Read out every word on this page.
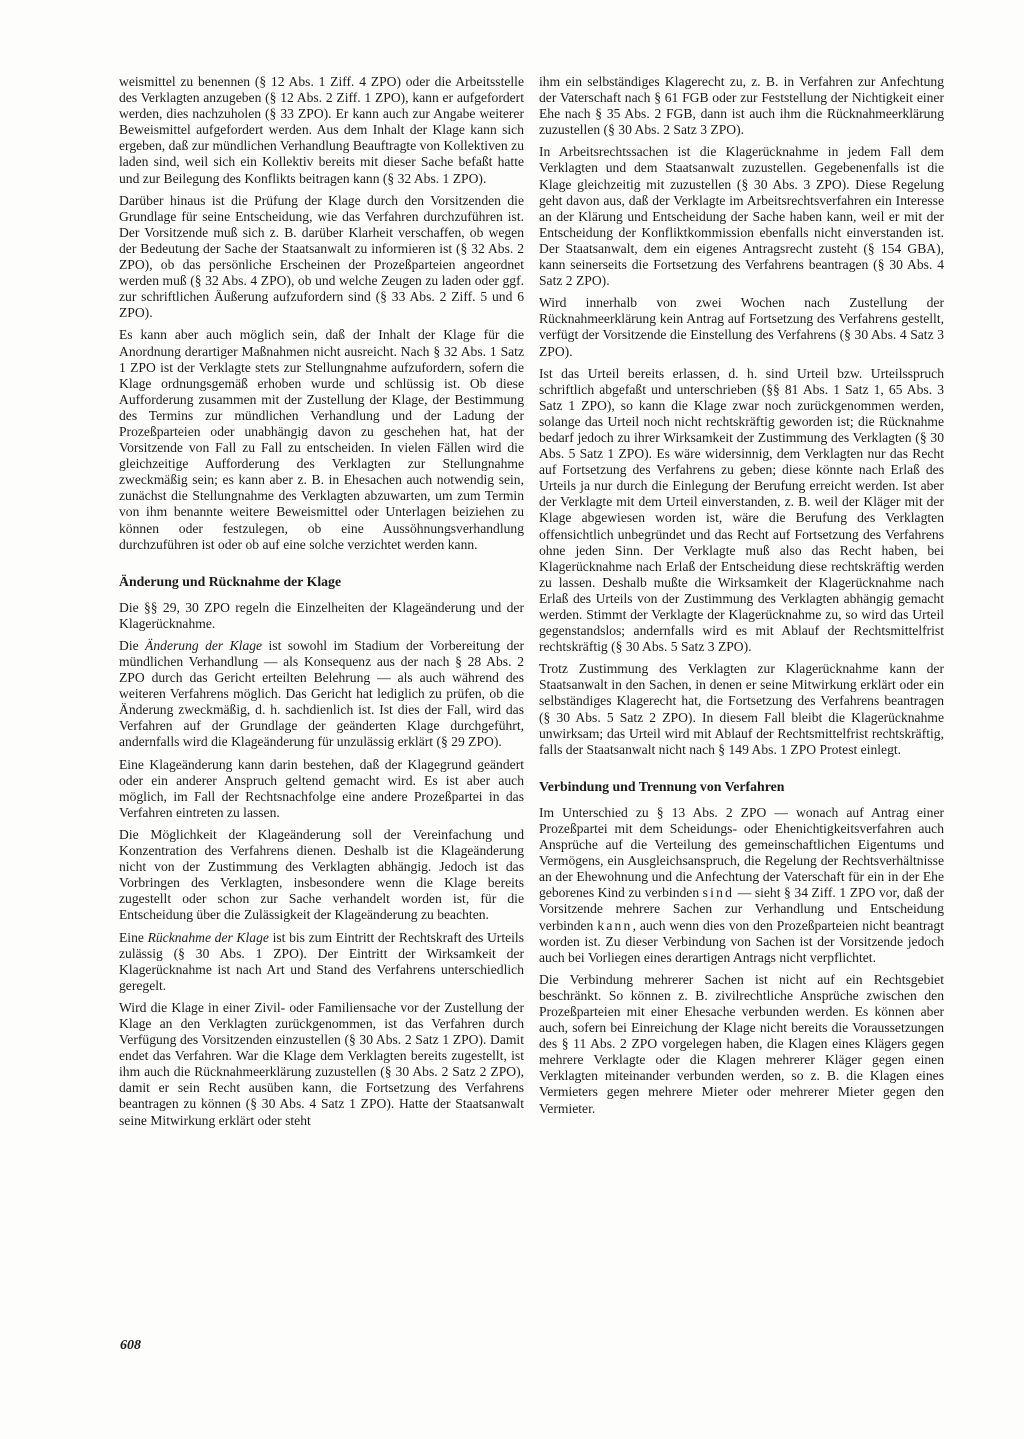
weismittel zu benennen (§ 12 Abs. 1 Ziff. 4 ZPO) oder die Arbeitsstelle des Verklagten anzugeben (§ 12 Abs. 2 Ziff. 1 ZPO), kann er aufgefordert werden, dies nachzuholen (§ 33 ZPO). Er kann auch zur Angabe weiterer Beweismittel aufgefordert werden. Aus dem Inhalt der Klage kann sich ergeben, daß zur mündlichen Verhandlung Beauftragte von Kollektiven zu laden sind, weil sich ein Kollektiv bereits mit dieser Sache befaßt hatte und zur Beilegung des Konflikts beitragen kann (§ 32 Abs. 1 ZPO).

Darüber hinaus ist die Prüfung der Klage durch den Vorsitzenden die Grundlage für seine Entscheidung, wie das Verfahren durchzuführen ist. Der Vorsitzende muß sich z. B. darüber Klarheit verschaffen, ob wegen der Bedeutung der Sache der Staatsanwalt zu informieren ist (§ 32 Abs. 2 ZPO), ob das persönliche Erscheinen der Prozeßparteien angeordnet werden muß (§ 32 Abs. 4 ZPO), ob und welche Zeugen zu laden oder ggf. zur schriftlichen Äußerung aufzufordern sind (§ 33 Abs. 2 Ziff. 5 und 6 ZPO).

Es kann aber auch möglich sein, daß der Inhalt der Klage für die Anordnung derartiger Maßnahmen nicht ausreicht. Nach § 32 Abs. 1 Satz 1 ZPO ist der Verklagte stets zur Stellungnahme aufzufordern, sofern die Klage ordnungsgemäß erhoben wurde und schlüssig ist. Ob diese Aufforderung zusammen mit der Zustellung der Klage, der Bestimmung des Termins zur mündlichen Verhandlung und der Ladung der Prozeßparteien oder unabhängig davon zu geschehen hat, hat der Vorsitzende von Fall zu Fall zu entscheiden. In vielen Fällen wird die gleichzeitige Aufforderung des Verklagten zur Stellungnahme zweckmäßig sein; es kann aber z. B. in Ehesachen auch notwendig sein, zunächst die Stellungnahme des Verklagten abzuwarten, um zum Termin von ihm benannte weitere Beweismittel oder Unterlagen beiziehen zu können oder festzulegen, ob eine Aussöhnungsverhandlung durchzuführen ist oder ob auf eine solche verzichtet werden kann.

Änderung und Rücknahme der Klage

Die §§ 29, 30 ZPO regeln die Einzelheiten der Klageänderung und der Klagerücknahme.

Die Änderung der Klage ist sowohl im Stadium der Vorbereitung der mündlichen Verhandlung — als Konsequenz aus der nach § 28 Abs. 2 ZPO durch das Gericht erteilten Belehrung — als auch während des weiteren Verfahrens möglich. Das Gericht hat lediglich zu prüfen, ob die Änderung zweckmäßig, d. h. sachdienlich ist. Ist dies der Fall, wird das Verfahren auf der Grundlage der geänderten Klage durchgeführt, andernfalls wird die Klageänderung für unzulässig erklärt (§ 29 ZPO).

Eine Klageänderung kann darin bestehen, daß der Klagegrund geändert oder ein anderer Anspruch geltend gemacht wird. Es ist aber auch möglich, im Fall der Rechtsnachfolge eine andere Prozeßpartei in das Verfahren eintreten zu lassen.

Die Möglichkeit der Klageänderung soll der Vereinfachung und Konzentration des Verfahrens dienen. Deshalb ist die Klageänderung nicht von der Zustimmung des Verklagten abhängig. Jedoch ist das Vorbringen des Verklagten, insbesondere wenn die Klage bereits zugestellt oder schon zur Sache verhandelt worden ist, für die Entscheidung über die Zulässigkeit der Klageänderung zu beachten.

Eine Rücknahme der Klage ist bis zum Eintritt der Rechtskraft des Urteils zulässig (§ 30 Abs. 1 ZPO). Der Eintritt der Wirksamkeit der Klagerücknahme ist nach Art und Stand des Verfahrens unterschiedlich geregelt.

Wird die Klage in einer Zivil- oder Familiensache vor der Zustellung der Klage an den Verklagten zurückgenommen, ist das Verfahren durch Verfügung des Vorsitzenden einzustellen (§ 30 Abs. 2 Satz 1 ZPO). Damit endet das Verfahren. War die Klage dem Verklagten bereits zugestellt, ist ihm auch die Rücknahmeerklärung zuzustellen (§ 30 Abs. 2 Satz 2 ZPO), damit er sein Recht ausüben kann, die Fortsetzung des Verfahrens beantragen zu können (§ 30 Abs. 4 Satz 1 ZPO). Hatte der Staatsanwalt seine Mitwirkung erklärt oder steht

ihm ein selbständiges Klagerecht zu, z. B. in Verfahren zur Anfechtung der Vaterschaft nach § 61 FGB oder zur Feststellung der Nichtigkeit einer Ehe nach § 35 Abs. 2 FGB, dann ist auch ihm die Rücknahmeerklärung zuzustellen (§ 30 Abs. 2 Satz 3 ZPO).

In Arbeitsrechtssachen ist die Klagerücknahme in jedem Fall dem Verklagten und dem Staatsanwalt zuzustellen. Gegebenenfalls ist die Klage gleichzeitig mit zuzustellen (§ 30 Abs. 3 ZPO). Diese Regelung geht davon aus, daß der Verklagte im Arbeitsrechtsverfahren ein Interesse an der Klärung und Entscheidung der Sache haben kann, weil er mit der Entscheidung der Konfliktkommission ebenfalls nicht einverstanden ist. Der Staatsanwalt, dem ein eigenes Antragsrecht zusteht (§ 154 GBA), kann seinerseits die Fortsetzung des Verfahrens beantragen (§ 30 Abs. 4 Satz 2 ZPO).

Wird innerhalb von zwei Wochen nach Zustellung der Rücknahmeerklärung kein Antrag auf Fortsetzung des Verfahrens gestellt, verfügt der Vorsitzende die Einstellung des Verfahrens (§ 30 Abs. 4 Satz 3 ZPO).

Ist das Urteil bereits erlassen, d. h. sind Urteil bzw. Urteilsspruch schriftlich abgefaßt und unterschrieben (§§ 81 Abs. 1 Satz 1, 65 Abs. 3 Satz 1 ZPO), so kann die Klage zwar noch zurückgenommen werden, solange das Urteil noch nicht rechtskräftig geworden ist; die Rücknahme bedarf jedoch zu ihrer Wirksamkeit der Zustimmung des Verklagten (§ 30 Abs. 5 Satz 1 ZPO). Es wäre widersinnig, dem Verklagten nur das Recht auf Fortsetzung des Verfahrens zu geben; diese könnte nach Erlaß des Urteils ja nur durch die Einlegung der Berufung erreicht werden. Ist aber der Verklagte mit dem Urteil einverstanden, z. B. weil der Kläger mit der Klage abgewiesen worden ist, wäre die Berufung des Verklagten offensichtlich unbegründet und das Recht auf Fortsetzung des Verfahrens ohne jeden Sinn. Der Verklagte muß also das Recht haben, bei Klagerücknahme nach Erlaß der Entscheidung diese rechtskräftig werden zu lassen. Deshalb mußte die Wirksamkeit der Klagerücknahme nach Erlaß des Urteils von der Zustimmung des Verklagten abhängig gemacht werden. Stimmt der Verklagte der Klagerücknahme zu, so wird das Urteil gegenstandslos; andernfalls wird es mit Ablauf der Rechtsmittelfrist rechtskräftig (§ 30 Abs. 5 Satz 3 ZPO).

Trotz Zustimmung des Verklagten zur Klagerücknahme kann der Staatsanwalt in den Sachen, in denen er seine Mitwirkung erklärt oder ein selbständiges Klagerecht hat, die Fortsetzung des Verfahrens beantragen (§ 30 Abs. 5 Satz 2 ZPO). In diesem Fall bleibt die Klagerücknahme unwirksam; das Urteil wird mit Ablauf der Rechtsmittelfrist rechtskräftig, falls der Staatsanwalt nicht nach § 149 Abs. 1 ZPO Protest einlegt.

Verbindung und Trennung von Verfahren

Im Unterschied zu § 13 Abs. 2 ZPO — wonach auf Antrag einer Prozeßpartei mit dem Scheidungs- oder Ehenichtigkeitsverfahren auch Ansprüche auf die Verteilung des gemeinschaftlichen Eigentums und Vermögens, ein Ausgleichsanspruch, die Regelung der Rechtsverhältnisse an der Ehewohnung und die Anfechtung der Vaterschaft für ein in der Ehe geborenes Kind zu verbinden sind — sieht § 34 Ziff. 1 ZPO vor, daß der Vorsitzende mehrere Sachen zur Verhandlung und Entscheidung verbinden kann, auch wenn dies von den Prozeßparteien nicht beantragt worden ist. Zu dieser Verbindung von Sachen ist der Vorsitzende jedoch auch bei Vorliegen eines derartigen Antrags nicht verpflichtet.

Die Verbindung mehrerer Sachen ist nicht auf ein Rechtsgebiet beschränkt. So können z. B. zivilrechtliche Ansprüche zwischen den Prozeßparteien mit einer Ehesache verbunden werden. Es können aber auch, sofern bei Einreichung der Klage nicht bereits die Voraussetzungen des § 11 Abs. 2 ZPO vorgelegen haben, die Klagen eines Klägers gegen mehrere Verklagte oder die Klagen mehrerer Kläger gegen einen Verklagten miteinander verbunden werden, so z. B. die Klagen eines Vermieters gegen mehrere Mieter oder mehrerer Mieter gegen den Vermieter.

608
